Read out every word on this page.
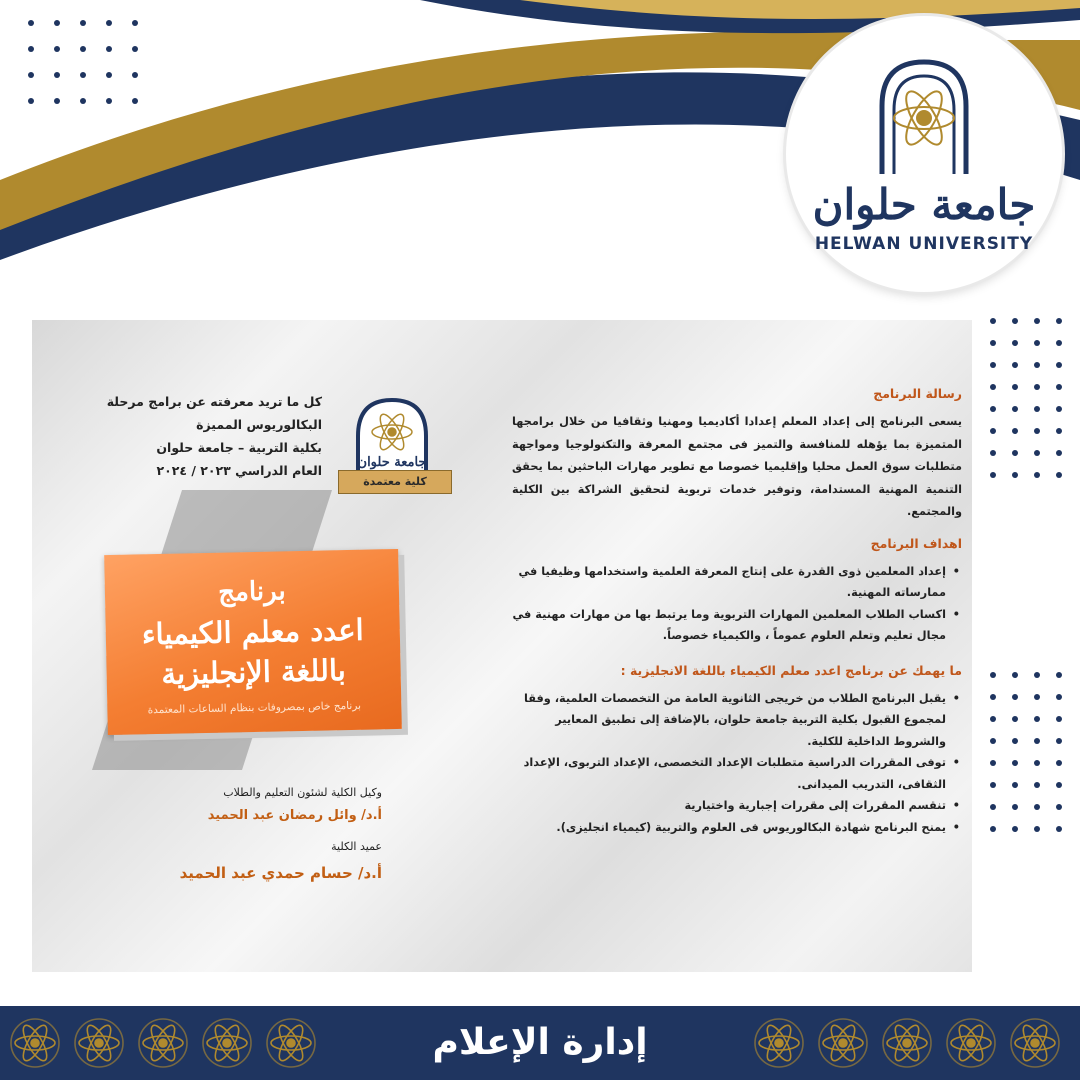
جامعة حلوان
HELWAN UNIVERSITY
كل ما تريد معرفته عن برامج مرحلة
البكالوريوس المميزة
بكلية التربية – جامعة حلوان
العام الدراسي ٢٠٢٣ / ٢٠٢٤
جامعة حلوان
كلية معتمدة
برنامج
اعدد معلم الكيمياء
باللغة الإنجليزية
برنامج خاص بمصروفات بنظام الساعات المعتمدة
وكيل الكلية لشئون التعليم والطلاب
أ.د/ وائل رمضان عبد الحميد
عميد الكلية
أ.د/ حسام حمدي عبد الحميد
رسالة البرنامج

يسعى البرنامج إلى إعداد المعلم إعدادا أكاديميا ومهنيا وثقافيا من خلال برامجها المتميزة بما يؤهله للمنافسة والتميز فى مجتمع المعرفة والتكنولوجيا ومواجهة متطلبات سوق العمل محليا وإقليميا خصوصا مع تطوير مهارات الباحثين بما يحقق التنمية المهنية المستدامة، وتوفير خدمات تربوية لتحقيق الشراكة بين الكلية والمجتمع.

اهداف البرنامج
• إعداد المعلمين ذوى القدرة على إنتاج المعرفة العلمية واستخدامها وظيفيا في ممارساته المهنية.
• اكساب الطلاب المعلمين المهارات التربوية وما يرتبط بها من مهارات مهنية في مجال تعليم وتعلم العلوم عموماً ، والكيمياء خصوصاً.
ما يهمك عن برنامج اعدد معلم الكيمياء باللغة الانجليزية :
• يقبل البرنامج الطلاب من خريجى الثانوية العامة من التخصصات العلمية، وفقا لمجموع القبول بكلية التربية جامعة حلوان، بالإضافة إلى تطبيق المعايير والشروط الداخلية للكلية.
• توفى المقررات الدراسية متطلبات الإعداد التخصصى، الإعداد التربوى، الإعداد الثقافى، التدريب الميدانى.
• تنقسم المقررات إلى مقررات إجبارية واختيارية
• يمنح البرنامج شهادة البكالوريوس فى العلوم والتربية (كيمياء انجليزى).
إدارة الإعلام
